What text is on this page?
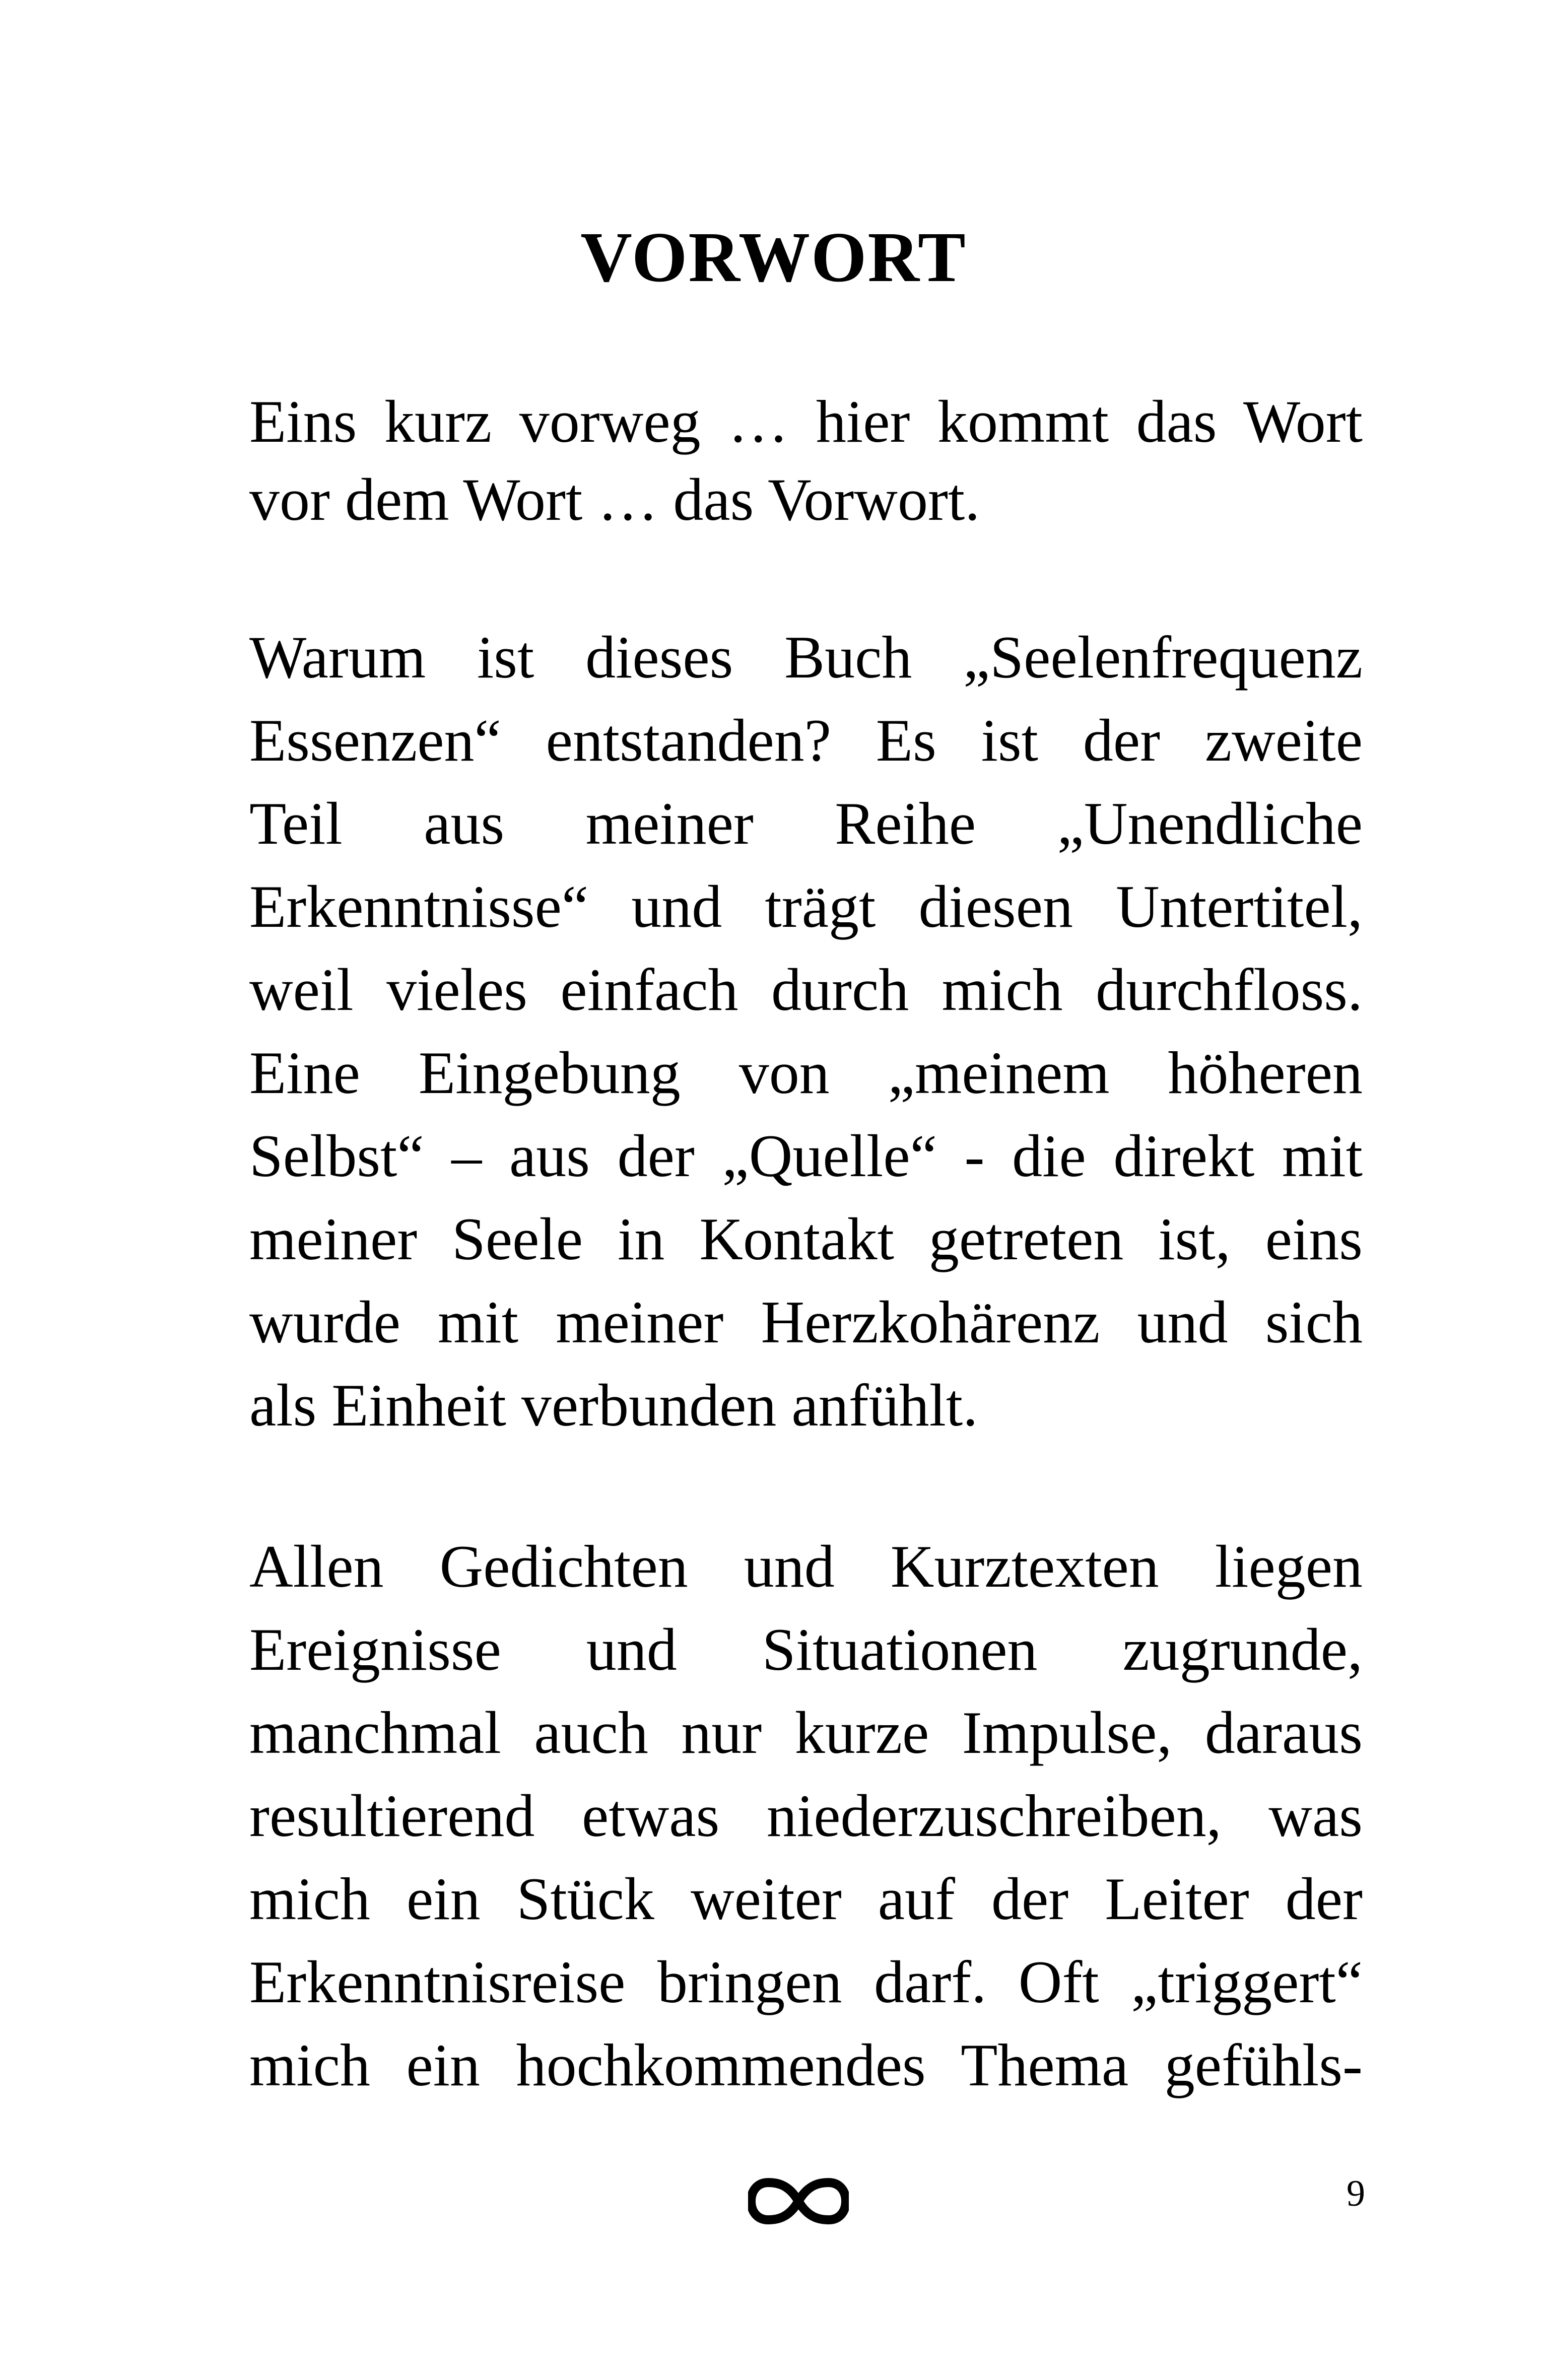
VORWORT
Eins kurz vorweg … hier kommt das Wort
vor dem Wort … das Vorwort.
Warum ist dieses Buch „Seelenfrequenz
Essenzen“ entstanden? Es ist der zweite
Teil aus meiner Reihe „Unendliche
Erkenntnisse“ und trägt diesen Untertitel,
weil vieles einfach durch mich durchfloss.
Eine Eingebung von „meinem höheren
Selbst“ – aus der „Quelle“ - die direkt mit
meiner Seele in Kontakt getreten ist, eins
wurde mit meiner Herzkohärenz und sich
als Einheit verbunden anfühlt.
Allen Gedichten und Kurztexten liegen
Ereignisse und Situationen zugrunde,
manchmal auch nur kurze Impulse, daraus
resultierend etwas niederzuschreiben, was
mich ein Stück weiter auf der Leiter der
Erkenntnisreise bringen darf. Oft „triggert“
mich ein hochkommendes Thema gefühls-
9
